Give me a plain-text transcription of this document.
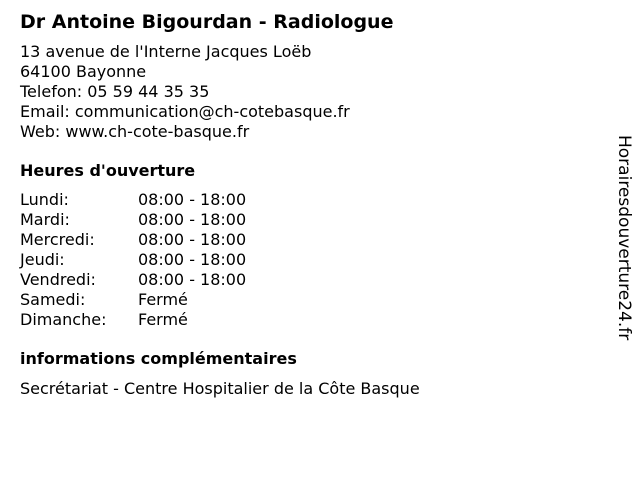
Dr Antoine Bigourdan - Radiologue
13 avenue de l'Interne Jacques Loëb
64100 Bayonne
Telefon: 05 59 44 35 35
Email: communication@ch-cotebasque.fr
Web: www.ch-cote-basque.fr
Heures d'ouverture
Lundi:	08:00 - 18:00
Mardi:	08:00 - 18:00
Mercredi:	08:00 - 18:00
Jeudi:	08:00 - 18:00
Vendredi:	08:00 - 18:00
Samedi:	Fermé
Dimanche:	Fermé
informations complémentaires
Secrétariat - Centre Hospitalier de la Côte Basque
Horairesdouverture24.fr
